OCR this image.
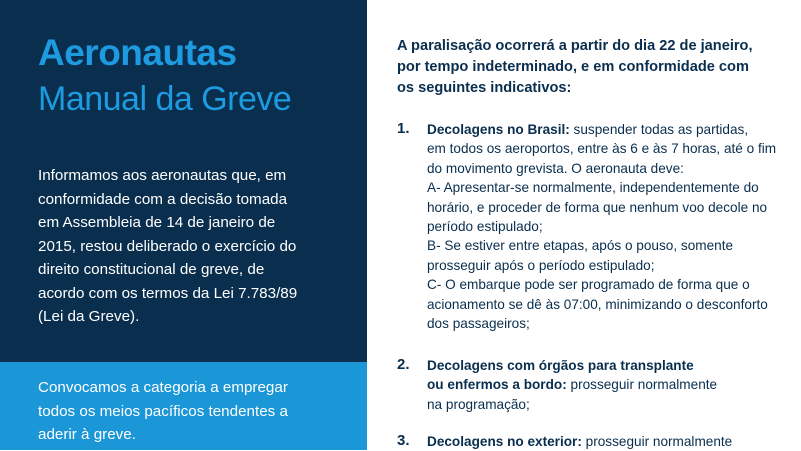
Aeronautas
Manual da Greve
Informamos aos aeronautas que, em
conformidade com a decisão tomada
em Assembleia de 14 de janeiro de
2015, restou deliberado o exercício do
direito constitucional de greve, de
acordo com os termos da Lei 7.783/89
(Lei da Greve).
Convocamos a categoria a empregar
todos os meios pacíficos tendentes a
aderir à greve.
A paralisação ocorrerá a partir do dia 22 de janeiro,
por tempo indeterminado, e em conformidade com
os seguintes indicativos:
1.	Decolagens no Brasil: suspender todas as partidas,
em todos os aeroportos, entre às 6 e às 7 horas, até o fim
do movimento grevista. O aeronauta deve:
A- Apresentar-se normalmente, independentemente do
horário, e proceder de forma que nenhum voo decole no
período estipulado;
B- Se estiver entre etapas, após o pouso, somente
prosseguir após o período estipulado;
C- O embarque pode ser programado de forma que o
acionamento se dê às 07:00, minimizando o desconforto
dos passageiros;
2.	Decolagens com órgãos para transplante
ou enfermos a bordo: prosseguir normalmente
na programação;
3.	Decolagens no exterior: prosseguir normalmente
